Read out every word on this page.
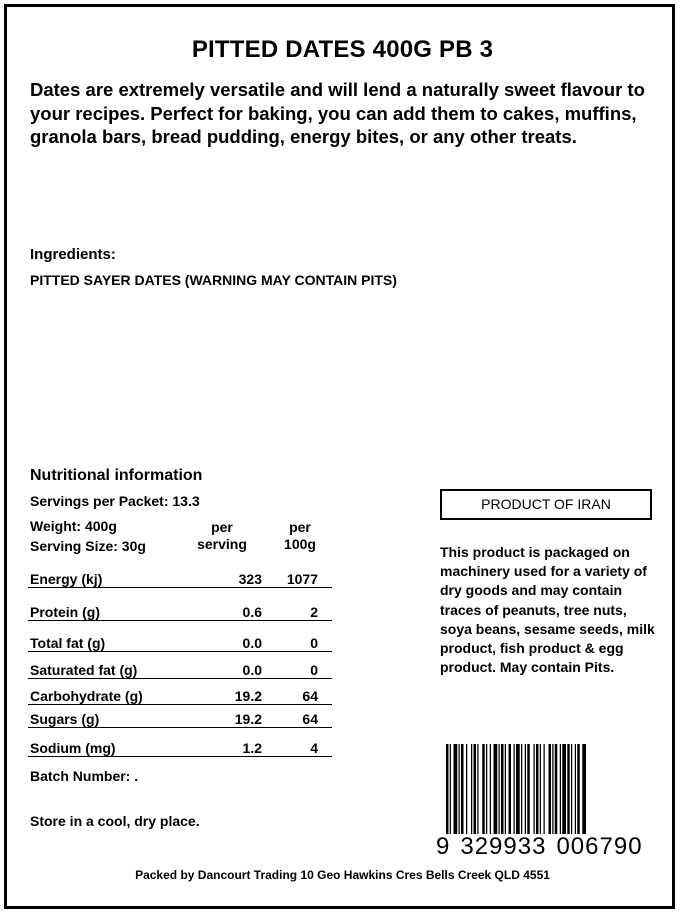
PITTED DATES 400G PB 3
Dates are extremely versatile and will lend a naturally sweet flavour to your recipes. Perfect for baking, you can add them to cakes, muffins, granola bars, bread pudding, energy bites, or any other treats.
Ingredients:
PITTED SAYER DATES (WARNING MAY CONTAIN PITS)
Nutritional information
Servings per Packet: 13.3
Weight: 400g
Serving Size: 30g
per
serving
per
100g
Energy (kj)	323	1077
Protein (g)	0.6	2
Total fat (g)	0.0	0
Saturated fat (g)	0.0	0
Carbohydrate (g)	19.2	64
Sugars (g)	19.2	64
Sodium (mg)	1.2	4
Batch Number: .
Store in a cool, dry place.
PRODUCT OF IRAN
This product is packaged on machinery used for a variety of dry goods and may contain traces of peanuts, tree nuts, soya beans, sesame seeds, milk product, fish product & egg product. May contain Pits.
9 329933 006790
Packed by Dancourt Trading 10 Geo Hawkins Cres Bells Creek QLD 4551
